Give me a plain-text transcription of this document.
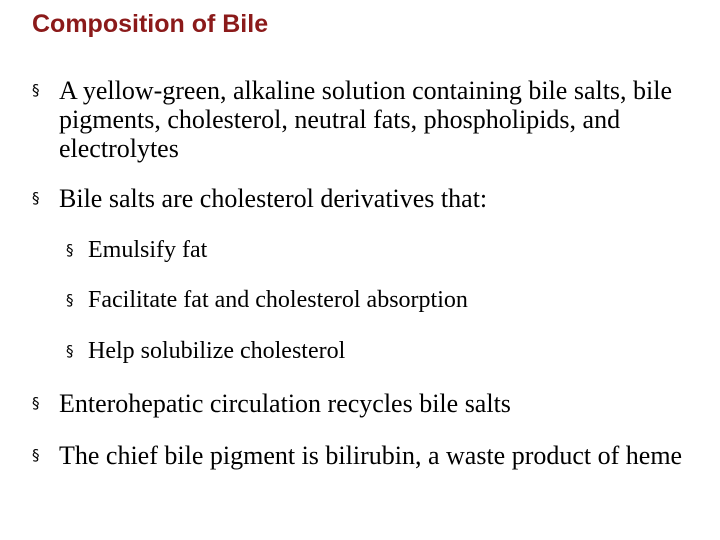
Composition of Bile
§ A yellow-green, alkaline solution containing bile salts, bile pigments, cholesterol, neutral fats, phospholipids, and electrolytes
§ Bile salts are cholesterol derivatives that:
§ Emulsify fat
§ Facilitate fat and cholesterol absorption
§ Help solubilize cholesterol
§ Enterohepatic circulation recycles bile salts
§ The chief bile pigment is bilirubin, a waste product of heme
